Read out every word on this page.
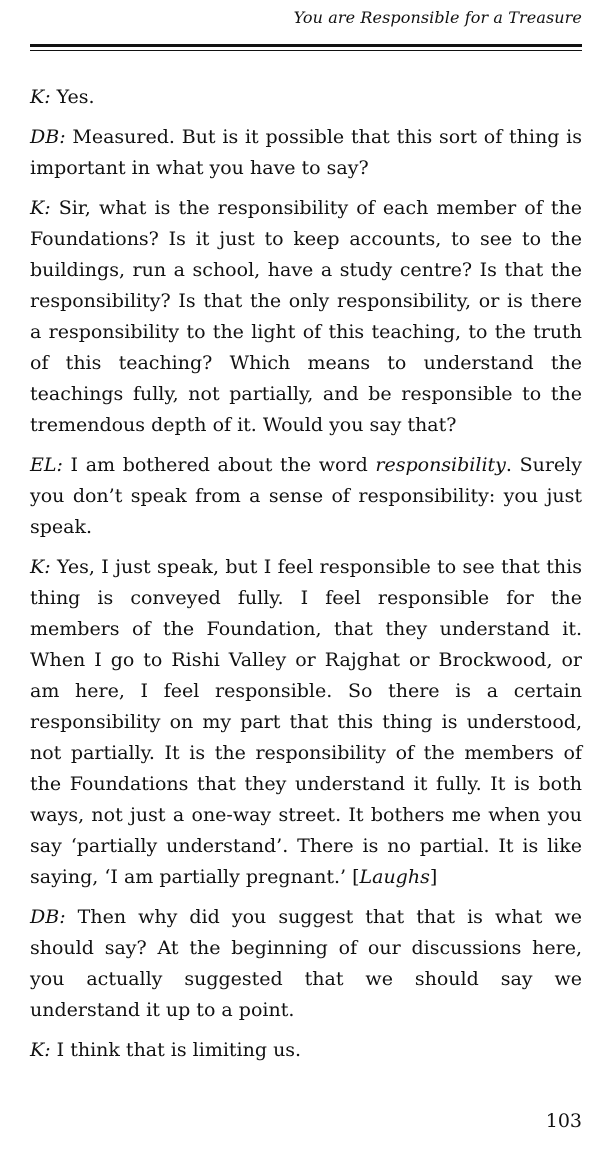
You are Responsible for a Treasure

K: Yes.

DB: Measured. But is it possible that this sort of thing is important in what you have to say?

K: Sir, what is the responsibility of each member of the Foundations? Is it just to keep accounts, to see to the buildings, run a school, have a study centre? Is that the responsibility? Is that the only responsibility, or is there a responsibility to the light of this teaching, to the truth of this teaching? Which means to understand the teachings fully, not partially, and be responsible to the tremendous depth of it. Would you say that?

EL: I am bothered about the word responsibility. Surely you don’t speak from a sense of responsibility: you just speak.

K: Yes, I just speak, but I feel responsible to see that this thing is conveyed fully. I feel responsible for the members of the Foundation, that they understand it. When I go to Rishi Valley or Rajghat or Brockwood, or am here, I feel responsible. So there is a certain responsibility on my part that this thing is understood, not partially. It is the responsibility of the members of the Foundations that they understand it fully. It is both ways, not just a one-way street. It bothers me when you say ‘partially understand’. There is no partial. It is like saying, ‘I am partially pregnant.’ [Laughs]

DB: Then why did you suggest that that is what we should say? At the beginning of our discussions here, you actually suggested that we should say we understand it up to a point.

K: I think that is limiting us.

103
